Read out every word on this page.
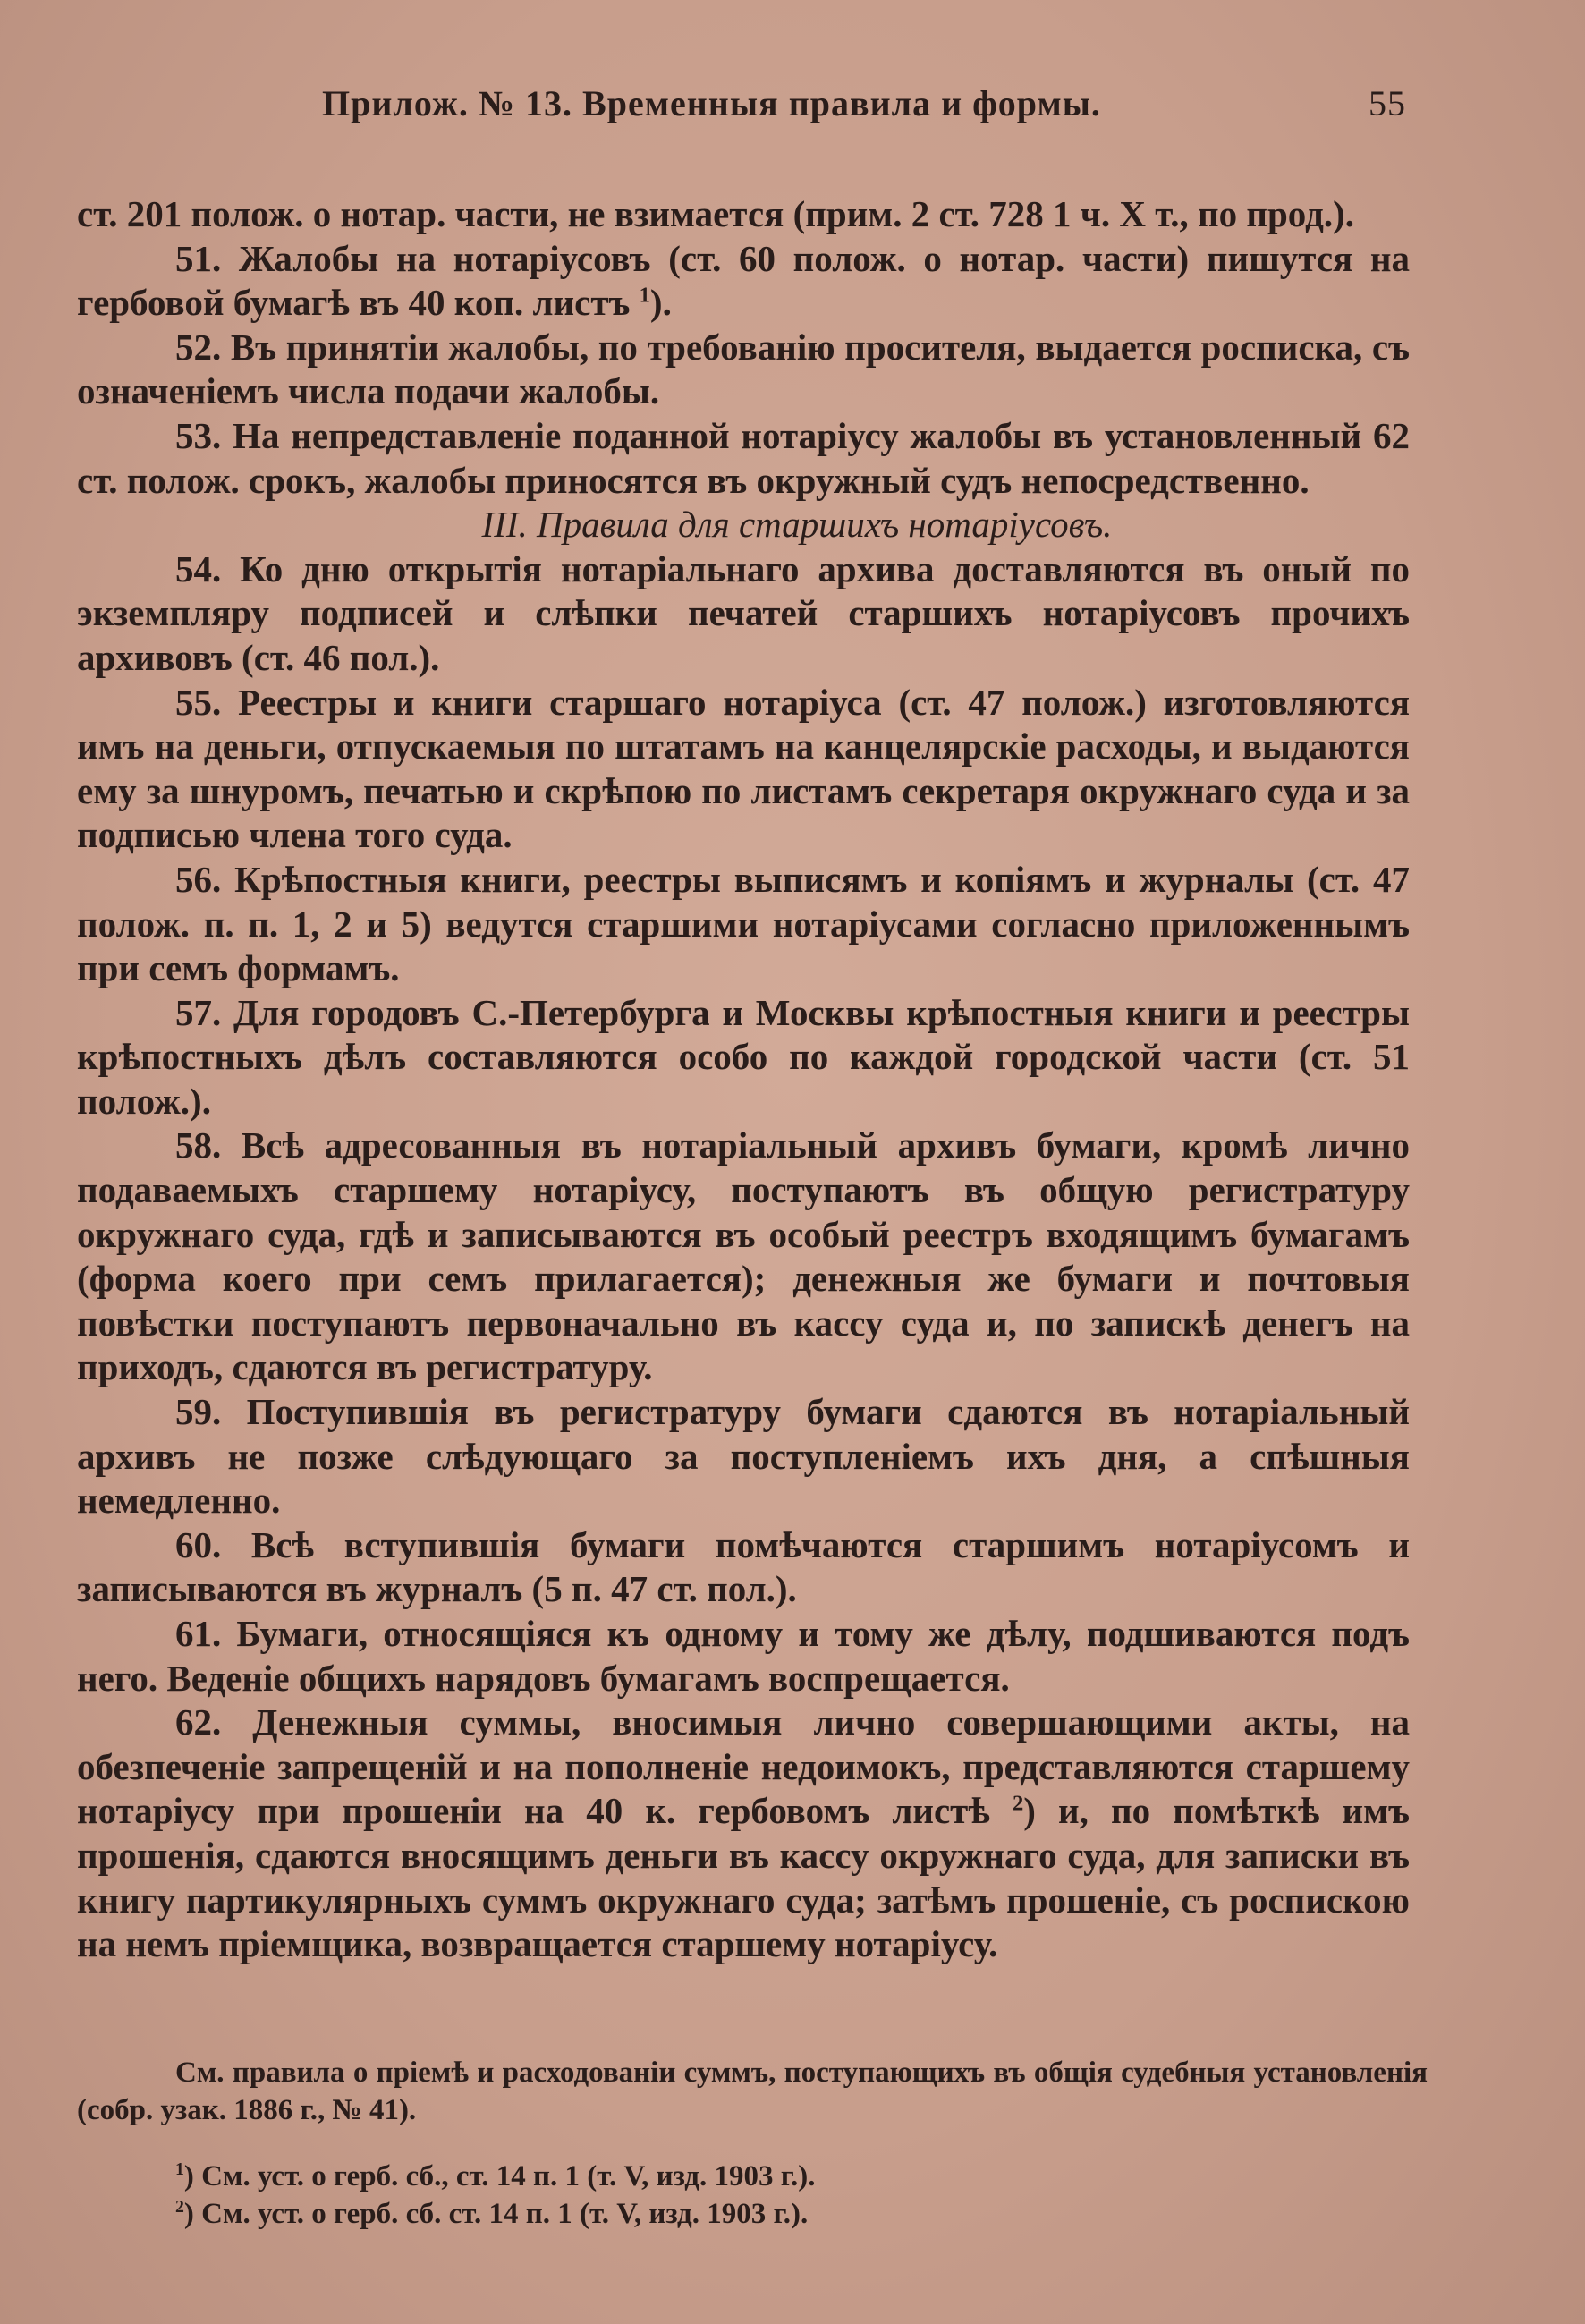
Прилож. № 13. Временныя правила и формы.	55

ст. 201 полож. о нотар. части, не взимается (прим. 2 ст. 728 1 ч. X т., по прод.).

51. Жалобы на нотаріусовъ (ст. 60 полож. о нотар. части) пишутся на гербовой бумагѣ въ 40 коп. листъ $^1$).

52. Въ принятіи жалобы, по требованію просителя, выдается росписка, съ означеніемъ числа подачи жалобы.

53. На непредставленіе поданной нотаріусу жалобы въ установленный 62 ст. полож. срокъ, жалобы приносятся въ окружный судъ непосредственно.

III. Правила для старшихъ нотаріусовъ.

54. Ко дню открытія нотаріальнаго архива доставляются въ оный по экземпляру подписей и слѣпки печатей старшихъ нотаріусовъ прочихъ архивовъ (ст. 46 пол.).

55. Реестры и книги старшаго нотаріуса (ст. 47 полож.) изготовляются имъ на деньги, отпускаемыя по штатамъ на канцелярскіе расходы, и выдаются ему за шнуромъ, печатью и скрѣпою по листамъ секретаря окружнаго суда и за подписью члена того суда.

56. Крѣпостныя книги, реестры выписямъ и копіямъ и журналы (ст. 47 полож. п. п. 1, 2 и 5) ведутся старшими нотаріусами согласно приложеннымъ при семъ формамъ.

57. Для городовъ С.-Петербурга и Москвы крѣпостныя книги и реестры крѣпостныхъ дѣлъ составляются особо по каждой городской части (ст. 51 полож.).

58. Всѣ адресованныя въ нотаріальный архивъ бумаги, кромѣ лично подаваемыхъ старшему нотаріусу, поступаютъ въ общую регистратуру окружнаго суда, гдѣ и записываются въ особый реестръ входящимъ бумагамъ (форма коего при семъ прилагается); денежныя же бумаги и почтовыя повѣстки поступаютъ первоначально въ кассу суда и, по запискѣ денегъ на приходъ, сдаются въ регистратуру.

59. Поступившія въ регистратуру бумаги сдаются въ нотаріальный архивъ не позже слѣдующаго за поступленіемъ ихъ дня, а спѣшныя немедленно.

60. Всѣ вступившія бумаги помѣчаются старшимъ нотаріусомъ и записываются въ журналъ (5 п. 47 ст. пол.).

61. Бумаги, относящіяся къ одному и тому же дѣлу, подшиваются подъ него. Веденіе общихъ нарядовъ бумагамъ воспрещается.

62. Денежныя суммы, вносимыя лично совершающими акты, на обезпеченіе запрещеній и на пополненіе недоимокъ, представляются старшему нотаріусу при прошеніи на 40 к. гербовомъ листѣ $^2$) и, по помѣткѣ имъ прошенія, сдаются вносящимъ деньги въ кассу окружнаго суда, для записки въ книгу партикулярныхъ суммъ окружнаго суда; затѣмъ прошеніе, съ роспискою на немъ пріемщика, возвращается старшему нотаріусу.

См. правила о пріемѣ и расходованіи суммъ, поступающихъ въ общія судебныя установленія (собр. узак. 1886 г., № 41).
$^1$) См. уст. о герб. сб., ст. 14 п. 1 (т. V, изд. 1903 г.).
$^2$) См. уст. о герб. сб. ст. 14 п. 1 (т. V, изд. 1903 г.).
